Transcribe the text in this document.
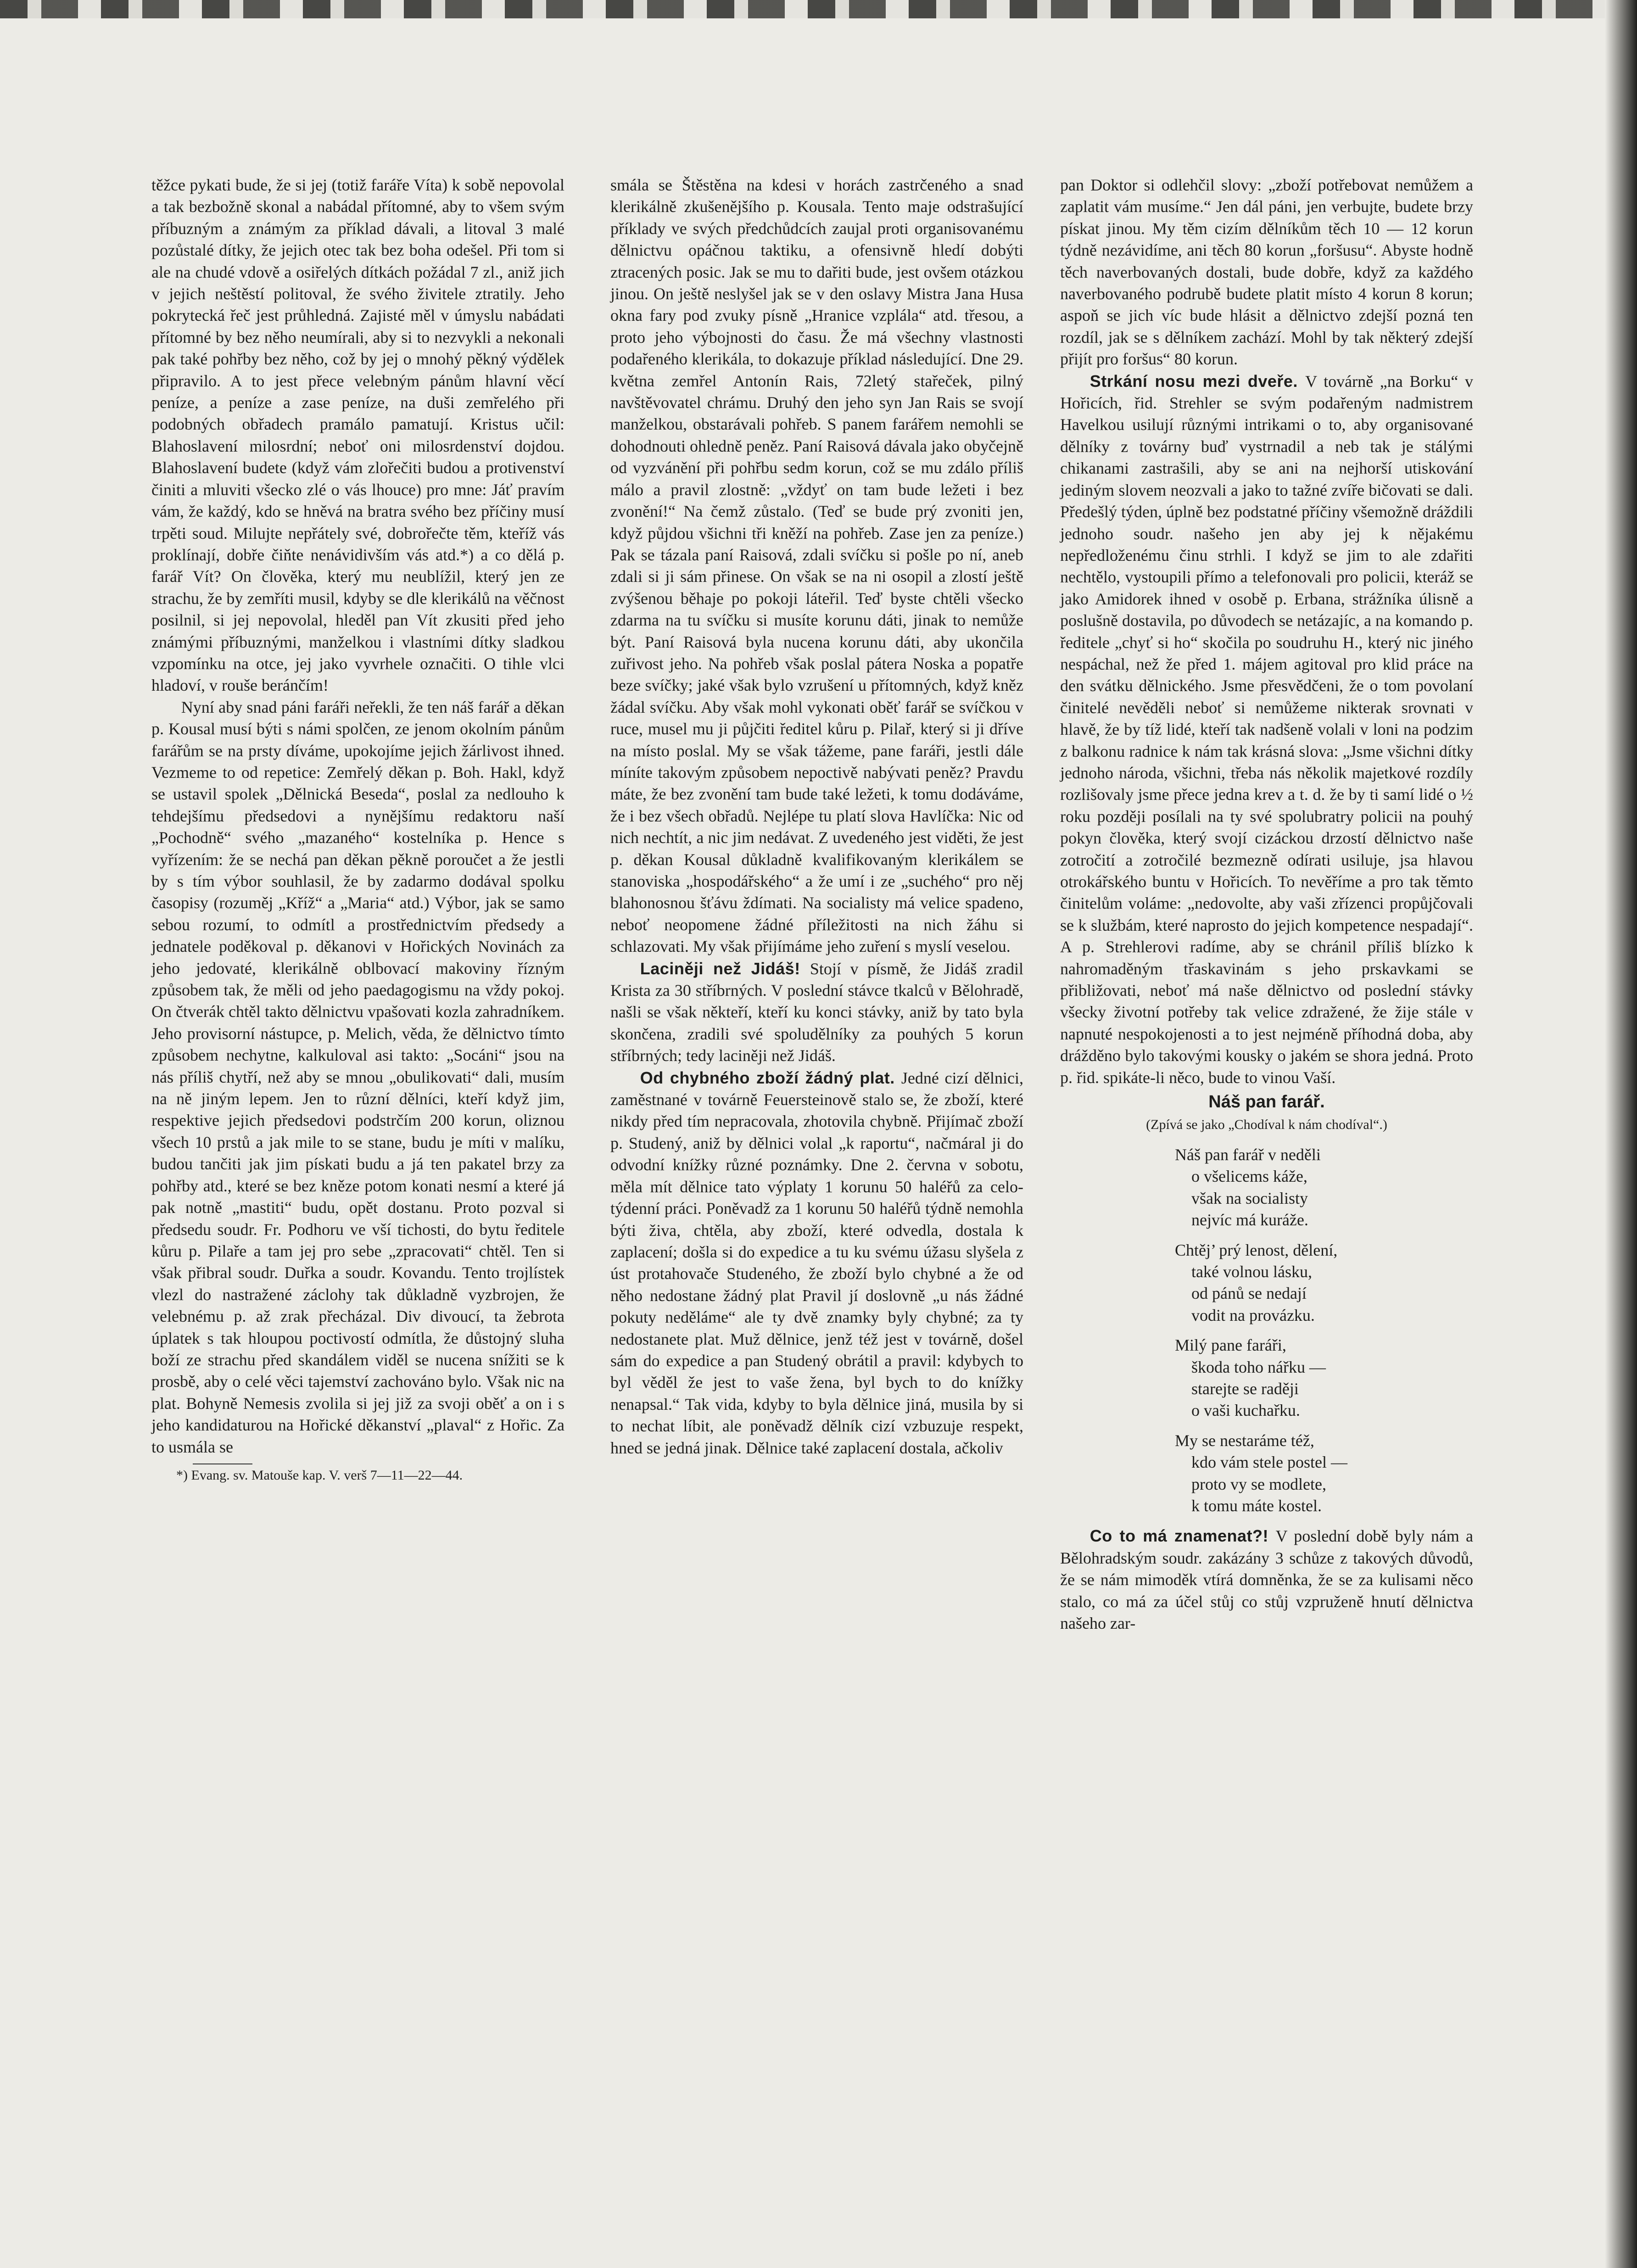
těžce pykati bude, že si jej (totiž faráře Víta) k sobě nepovolal a tak bezbožně skonal a nabádal přítomné, aby to všem svým příbuzným a známým za příklad dávali, a litoval 3 malé pozůstalé dítky, že jejich otec tak bez boha odešel. Při tom si ale na chudé vdově a osiřelých dítkách požádal 7 zl., aniž jich v jejich neštěstí politoval, že svého živitele ztratily. Jeho pokrytecká řeč jest průhledná. Zajisté měl v úmyslu nabádati přítomné by bez něho neumírali, aby si to nezvykli a nekonali pak také pohřby bez něho, což by jej o mnohý pěkný výdělek připravilo. A to jest přece velebným pánům hlavní věcí peníze, a peníze a zase peníze, na duši zemřelého při podobných obřadech pramálo pamatují. Kristus učil: Blahoslavení milosrdní; neboť oni milosrdenství dojdou. Blahoslavení budete (když vám zlořečiti budou a protivenství činiti a mluviti všecko zlé o vás lhouce) pro mne: Jáť pravím vám, že každý, kdo se hněvá na bratra svého bez příčiny musí trpěti soud. Milujte nepřátely své, dobrořečte těm, kteříž vás proklínají, dobře čiňte nenávidivším vás atd.*) a co dělá p. farář Vít? On člověka, který mu neublížil, který jen ze strachu, že by zemříti musil, kdyby se dle klerikálů na věčnost posilnil, si jej nepovolal, hleděl pan Vít zkusiti před jeho známými příbuznými, manželkou i vlastními dítky sladkou vzpomínku na otce, jej jako vyvrhele označiti. O tihle vlci hladoví, v rouše beránčím!

Nyní aby snad páni faráři neřekli, že ten náš farář a děkan p. Kousal musí býti s námi spolčen, ze jenom okolním pánům farářům se na prsty díváme, upokojíme jejich žárlivost ihned. Vezmeme to od repetice: Zemřelý děkan p. Boh. Hakl, když se ustavil spolek „Dělnická Beseda“, poslal za nedlouho k tehdejšímu předsedovi a nynějšímu redaktoru naší „Pochodně“ svého „mazaného“ kostelníka p. Hence s vyřízením: že se nechá pan děkan pěkně poroučet a že jestli by s tím výbor souhlasil, že by zadarmo dodával spolku časopisy (rozuměj „Kříž“ a „Maria“ atd.) Výbor, jak se samo sebou rozumí, to odmítl a prostřednictvím předsedy a jednatele poděkoval p. děkanovi v Hořických Novinách za jeho jedovaté, klerikálně oblbovací makoviny řízným způsobem tak, že měli od jeho paedagogismu na vždy pokoj. On čtverák chtěl takto dělnictvu vpašovati kozla zahradníkem. Jeho provisorní nástupce, p. Melich, věda, že dělnictvo tímto způsobem nechytne, kalkuloval asi takto: „Socáni“ jsou na nás příliš chytří, než aby se mnou „obulikovati“ dali, musím na ně jiným lepem. Jen to různí dělníci, kteří když jim, respektive jejich předsedovi podstrčím 200 korun, oliznou všech 10 prstů a jak mile to se stane, budu je míti v malíku, budou tančiti jak jim pískati budu a já ten pakatel brzy za pohřby atd., které se bez kněze potom konati nesmí a které já pak notně „mastiti“ budu, opět dostanu. Proto pozval si předsedu soudr. Fr. Podhoru ve vší tichosti, do bytu ředitele kůru p. Pilaře a tam jej pro sebe „zpracovati“ chtěl. Ten si však přibral soudr. Duřka a soudr. Kovandu. Tento trojlístek vlezl do nastražené záclohy tak důkladně vyzbrojen, že velebnému p. až zrak přecházal. Div divoucí, ta žebrota úplatek s tak hloupou poctivostí odmítla, že důstojný sluha boží ze strachu před skandálem viděl se nucena snížiti se k prosbě, aby o celé věci tajemství zachováno bylo. Však nic na plat. Bohyně Nemesis zvolila si jej již za svoji oběť a on i s jeho kandidaturou na Hořické děkanství „plaval“ z Hořic. Za to usmála se

*) Evang. sv. Matouše kap. V. verš 7—11—22—44.

smála se Štěstěna na kdesi v horách zastrčeného a snad klerikálně zkušenějšího p. Kousala. Tento maje odstrašující příklady ve svých předchůdcích zaujal proti organisovanému dělnictvu opáčnou taktiku, a ofensivně hledí dobýti ztracených posic. Jak se mu to dařiti bude, jest ovšem otázkou jinou. On ještě neslyšel jak se v den oslavy Mistra Jana Husa okna fary pod zvuky písně „Hranice vzplála“ atd. třesou, a proto jeho výbojnosti do času. Že má všechny vlastnosti podařeného klerikála, to dokazuje příklad následující. Dne 29. května zemřel Antonín Rais, 72letý stařeček, pilný navštěvovatel chrámu. Druhý den jeho syn Jan Rais se svojí manželkou, obstarávali pohřeb. S panem farářem nemohli se dohodnouti ohledně peněz. Paní Raisová dávala jako obyčejně od vyzvánění při pohřbu sedm korun, což se mu zdálo příliš málo a pravil zlostně: „vždyť on tam bude ležeti i bez zvonění!“ Na čemž zůstalo. (Teď se bude prý zvoniti jen, když půjdou všichni tři kněží na pohřeb. Zase jen za peníze.) Pak se tázala paní Raisová, zdali svíčku si pošle po ní, aneb zdali si ji sám přinese. On však se na ni osopil a zlostí ještě zvýšenou běhaje po pokoji láteřil. Teď byste chtěli všecko zdarma na tu svíčku si musíte korunu dáti, jinak to nemůže být. Paní Raisová byla nucena korunu dáti, aby ukončila zuřivost jeho. Na pohřeb však poslal pátera Noska a popatře beze svíčky; jaké však bylo vzrušení u přítomných, když kněz žádal svíčku. Aby však mohl vykonati oběť farář se svíčkou v ruce, musel mu ji půjčiti ředitel kůru p. Pilař, který si ji dříve na místo poslal. My se však tážeme, pane faráři, jestli dále míníte takovým způsobem nepoctivě nabývati peněz? Pravdu máte, že bez zvonění tam bude také ležeti, k tomu dodáváme, že i bez všech obřadů. Nejlépe tu platí slova Havlíčka: Nic od nich nechtít, a nic jim nedávat. Z uvedeného jest viděti, že jest p. děkan Kousal důkladně kvalifikovaným klerikálem se stanoviska „hospodářského“ a že umí i ze „suchého“ pro něj blahonosnou šťávu ždímati. Na socialisty má velice spadeno, neboť neopomene žádné příležitosti na nich žáhu si schlazovati. My však přijímáme jeho zuření s myslí veselou.

Laciněji než Jidáš! Stojí v písmě, že Jidáš zradil Krista za 30 stříbrných. V poslední stávce tkalců v Bělohradě, našli se však někteří, kteří ku konci stávky, aniž by tato byla skončena, zradili své spoludělníky za pouhých 5 korun stříbrných; tedy laciněji než Jidáš.

Od chybného zboží žádný plat. Jedné cizí dělnici, zaměstnané v továrně Feuersteinově stalo se, že zboží, které nikdy před tím nepracovala, zhotovila chybně. Přijímač zboží p. Studený, aniž by dělnici volal „k raportu“, načmáral ji do odvodní knížky různé poznámky. Dne 2. června v sobotu, měla mít dělnice tato výplaty 1 korunu 50 haléřů za celo-týdenní práci. Poněvadž za 1 korunu 50 haléřů týdně nemohla býti živa, chtěla, aby zboží, které odvedla, dostala k zaplacení; došla si do expedice a tu ku svému úžasu slyšela z úst protahovače Studeného, že zboží bylo chybné a že od něho nedostane žádný plat Pravil jí doslovně „u nás žádné pokuty nedělámе“ ale ty dvě znamky byly chybné; za ty nedostanete plat. Muž dělnice, jenž též jest v továrně, došel sám do expedice a pan Studený obrátil a pravil: kdybych to byl věděl že jest to vaše žena, byl bych to do knížky nenapsal.“ Tak vida, kdyby to byla dělnice jiná, musila by si to nechat líbit, ale poněvadž dělník cizí vzbuzuje respekt, hned se jedná jinak. Dělnice také zaplacení dostala, ačkoliv

pan Doktor si odlehčil slovy: „zboží potřebovat nemůžem a zaplatit vám musíme.“ Jen dál páni, jen verbujte, budete brzy pískat jinou. My těm cizím dělníkům těch 10 — 12 korun týdně nezávidíme, ani těch 80 korun „foršusu“. Abyste hodně těch naverbovaných dostali, bude dobře, když za každého naverbovaného podrubě budete platit místo 4 korun 8 korun; aspoň se jich víc bude hlásit a dělnictvo zdejší pozná ten rozdíl, jak se s dělníkem zachází. Mohl by tak některý zdejší přijít pro foršus“ 80 korun.

Strkání nosu mezi dveře. V továrně „na Borku“ v Hořicích, řid. Strehler se svým podařeným nadmistrem Havelkou usilují různými intrikami o to, aby organisované dělníky z továrny buď vystrnadil a neb tak je stálými chikanami zastrašili, aby se ani na nejhorší utiskování jediným slovem neozvali a jako to tažné zvíře bičovati se dali. Předešlý týden, úplně bez podstatné příčiny všemožně dráždili jednoho soudr. našeho jen aby jej k nějakému nepředloženému činu strhli. I když se jim to ale zdařiti nechtělo, vystoupili přímo a telefonovali pro policii, kteráž se jako Amidorek ihned v osobě p. Erbana, strážníka úlisně a poslušně dostavila, po důvodech se netázajíc, a na komando p. ředitele „chyť si ho“ skočila po soudruhu H., který nic jiného nespáchal, než že před 1. májem agitoval pro klid práce na den svátku dělnického. Jsme přesvědčeni, že o tom povolaní činitelé nevěděli neboť si nemůžeme nikterak srovnati v hlavě, že by tíž lidé, kteří tak nadšeně volali v loni na podzim z balkonu radnice k nám tak krásná slova: „Jsme všichni dítky jednoho národa, všichni, třeba nás několik majetkové rozdíly rozlišovaly jsme přece jedna krev a t. d. že by ti samí lidé o ½ roku později posílali na ty své spolubratry policii na pouhý pokyn člověka, který svojí cizáckou drzostí dělnictvo naše zotročití a zotročilé bezmezně odírati usiluje, jsa hlavou otrokářského buntu v Hořicích. To nevěříme a pro tak těmto činitelům voláme: „nedovolte, aby vaši zřízenci propůjčovali se k službám, které naprosto do jejich kompetence nespadají“. A p. Strehlerovi radíme, aby se chránil příliš blízko k nahromaděným třaskavinám s jeho prskavkami se přibližovati, neboť má naše dělnictvo od poslední stávky všecky životní potřeby tak velice zdražené, že žije stále v napnuté nespokojenosti a to jest nejméně příhodná doba, aby drážděno bylo takovými kousky o jakém se shora jedná. Proto p. řid. spikáte-li něco, bude to vinou Vaší.

Náš pan farář.
(Zpívá se jako „Chodíval k nám chodíval“.)
Náš pan farář v neděli
o všelicems káže,
však na socialisty
nejvíc má kuráže.
Chtěj’ prý lenost, dělení,
také volnou lásku,
od pánů se nedají
vodit na provázku.
Milý pane faráři,
škoda toho nářku —
starejte se raději
o vaši kuchařku.
My se nestaráme též,
kdo vám stele postel —
proto vy se modlete,
k tomu máte kostel.

Co to má znamenat?! V poslední době byly nám a Bělohradským soudr. zakázány 3 schůze z takových důvodů, že se nám mimoděk vtírá domněnka, že se za kulisami něco stalo, co má za účel stůj co stůj vzpruženě hnutí dělnictva našeho zar-
